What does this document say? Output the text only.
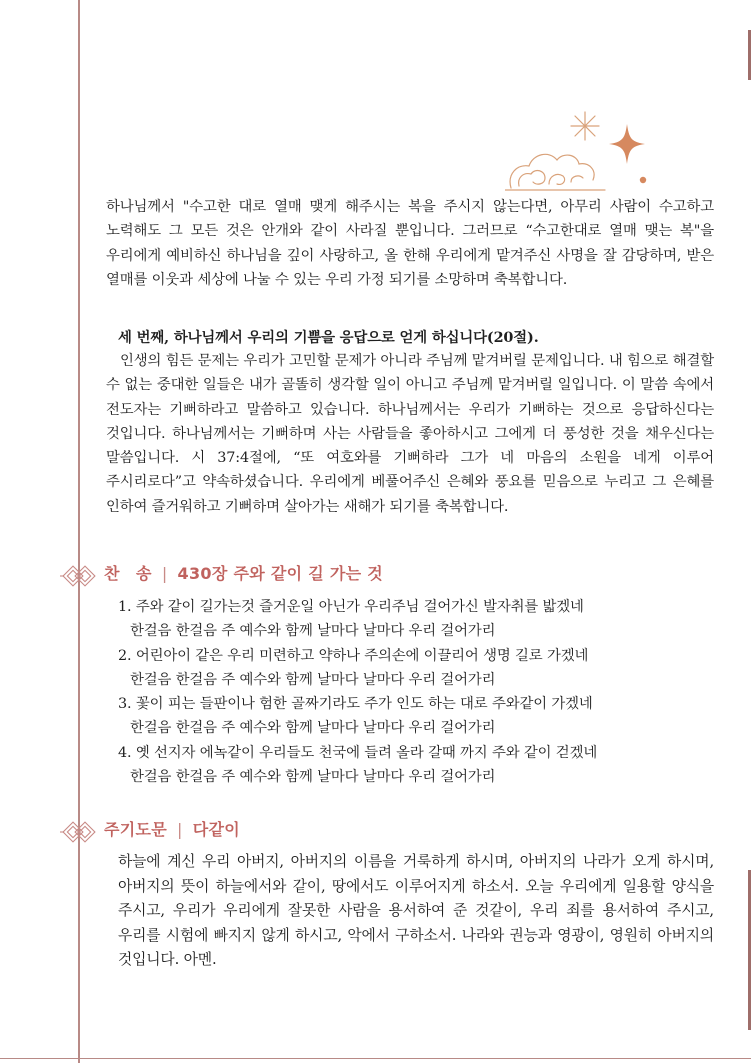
하나님께서 "수고한 대로 열매 맺게 해주시는 복을 주시지 않는다면, 아무리 사람이 수고하고 노력해도 그 모든 것은 안개와 같이 사라질 뿐입니다. 그러므로 “수고한대로 열매 맺는 복"을 우리에게 예비하신 하나님을 깊이 사랑하고, 올 한해 우리에게 맡겨주신 사명을 잘 감당하며, 받은 열매를 이웃과 세상에 나눌 수 있는 우리 가정 되기를 소망하며 축복합니다.

세 번째, 하나님께서 우리의 기쁨을 응답으로 얻게 하십니다(20절).

인생의 힘든 문제는 우리가 고민할 문제가 아니라 주님께 맡겨버릴 문제입니다. 내 힘으로 해결할 수 없는 중대한 일들은 내가 골똘히 생각할 일이 아니고 주님께 맡겨버릴 일입니다. 이 말씀 속에서 전도자는 기뻐하라고 말씀하고 있습니다. 하나님께서는 우리가 기뻐하는 것으로 응답하신다는 것입니다. 하나님께서는 기뻐하며 사는 사람들을 좋아하시고 그에게 더 풍성한 것을 채우신다는 말씀입니다. 시 37:4절에, “또 여호와를 기뻐하라 그가 네 마음의 소원을 네게 이루어 주시리로다”고 약속하셨습니다. 우리에게 베풀어주신 은혜와 풍요를 믿음으로 누리고 그 은혜를 인하여 즐거워하고 기뻐하며 살아가는 새해가 되기를 축복합니다.

찬　송 | 430장 주와 같이 길 가는 것

1. 주와 같이 길가는것 즐거운일 아닌가 우리주님 걸어가신 발자취를 밟겠네
한걸음 한걸음 주 예수와 함께 날마다 날마다 우리 걸어가리

2. 어린아이 같은 우리 미련하고 약하나 주의손에 이끌리어 생명 길로 가겠네
한걸음 한걸음 주 예수와 함께 날마다 날마다 우리 걸어가리

3. 꽃이 피는 들판이나 험한 골짜기라도 주가 인도 하는 대로 주와같이 가겠네
한걸음 한걸음 주 예수와 함께 날마다 날마다 우리 걸어가리

4. 옛 선지자 에녹같이 우리들도 천국에 들려 올라 갈때 까지 주와 같이 걷겠네
한걸음 한걸음 주 예수와 함께 날마다 날마다 우리 걸어가리

주기도문 | 다같이

하늘에 계신 우리 아버지, 아버지의 이름을 거룩하게 하시며, 아버지의 나라가 오게 하시며, 아버지의 뜻이 하늘에서와 같이, 땅에서도 이루어지게 하소서. 오늘 우리에게 일용할 양식을 주시고, 우리가 우리에게 잘못한 사람을 용서하여 준 것같이, 우리 죄를 용서하여 주시고, 우리를 시험에 빠지지 않게 하시고, 악에서 구하소서. 나라와 권능과 영광이, 영원히 아버지의 것입니다. 아멘.
